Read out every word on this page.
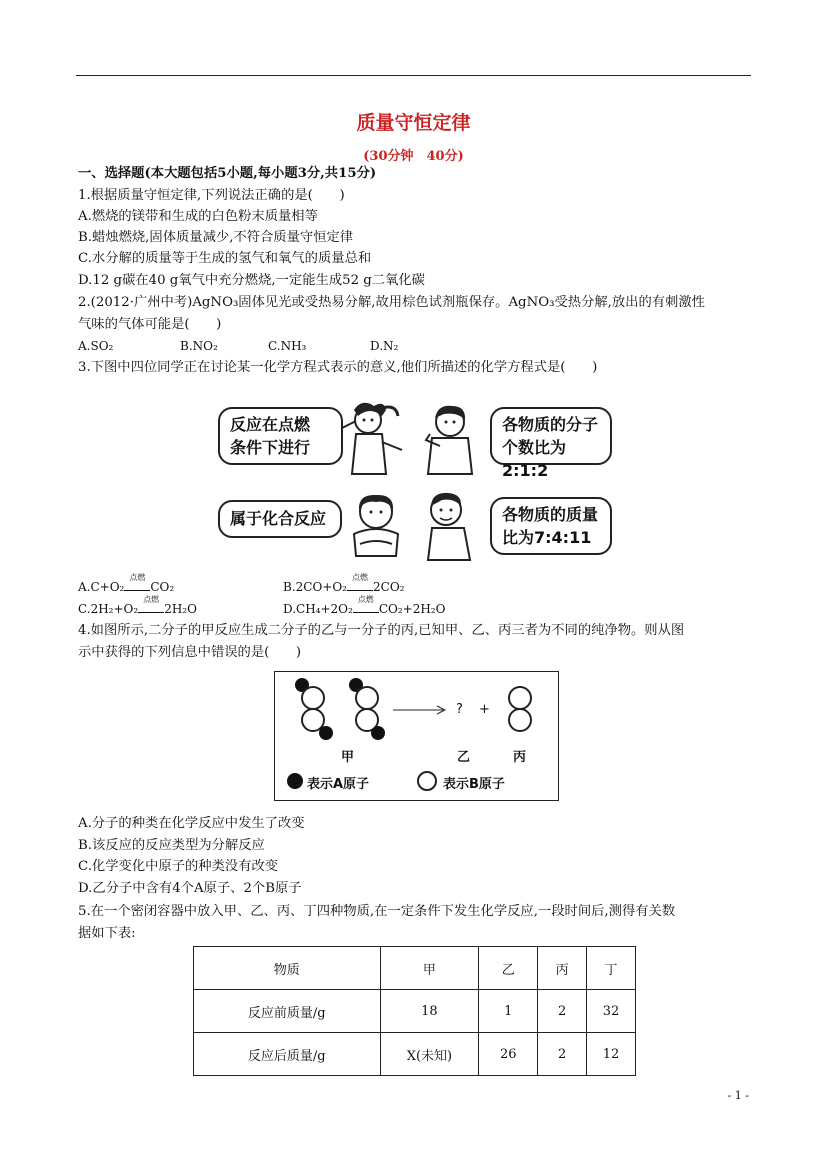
质量守恒定律
(30分钟　40分)
一、选择题(本大题包括5小题,每小题3分,共15分)
1.根据质量守恒定律,下列说法正确的是(　　)
A.燃烧的镁带和生成的白色粉末质量相等
B.蜡烛燃烧,固体质量减少,不符合质量守恒定律
C.水分解的质量等于生成的氢气和氧气的质量总和
D.12 g碳在40 g氧气中充分燃烧,一定能生成52 g二氧化碳
2.(2012·广州中考)AgNO₃固体见光或受热易分解,故用棕色试剂瓶保存。AgNO₃受热分解,放出的有刺激性
气味的气体可能是(　　)
A.SO₂	B.NO₂	C.NH₃	D.N₂
3.下图中四位同学正在讨论某一化学方程式表示的意义,他们所描述的化学方程式是(　　)
反应在点燃
条件下进行
各物质的分子
个数比为2:1:2
属于化合反应	各物质的质量
比为7:4:11
A.C+O₂
点燃
CO₂	B.2CO+O₂
点燃
2CO₂
C.2H₂+O₂
点燃
2H₂O	D.CH₄+2O₂
点燃
CO₂+2H₂O
4.如图所示,二分子的甲反应生成二分子的乙与一分子的丙,已知甲、乙、丙三者为不同的纯净物。则从图
示中获得的下列信息中错误的是(　　)
→ ? +
甲	乙	丙
表示A原子	表示B原子
A.分子的种类在化学反应中发生了改变
B.该反应的反应类型为分解反应
C.化学变化中原子的种类没有改变
D.乙分子中含有4个A原子、2个B原子
5.在一个密闭容器中放入甲、乙、丙、丁四种物质,在一定条件下发生化学反应,一段时间后,测得有关数
据如下表:
物质	甲	乙	丙	丁
反应前质量/g	18	1	2	32
反应后质量/g	X(未知)	26	2	12
- 1 -
